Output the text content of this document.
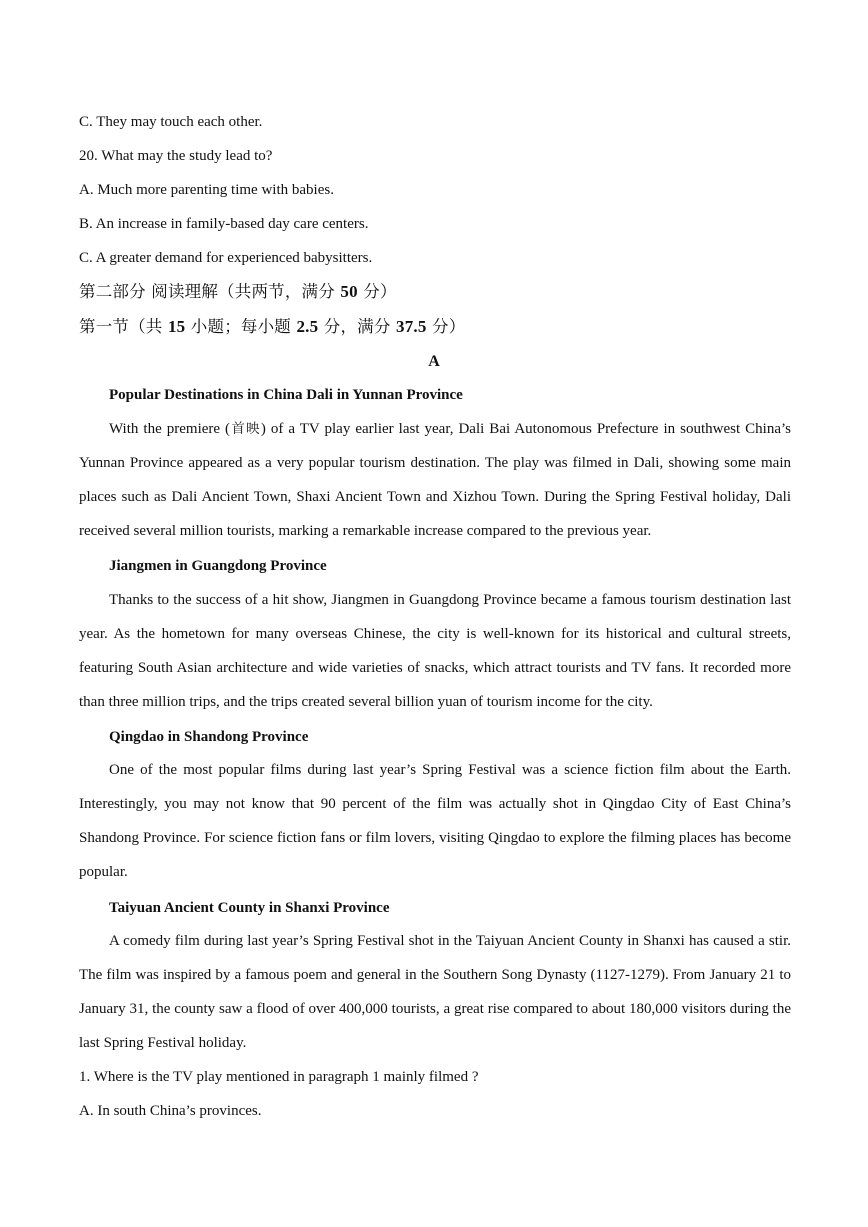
C. They may touch each other.
20. What may the study lead to?
A. Much more parenting time with babies.
B. An increase in family-based day care centers.
C. A greater demand for experienced babysitters.
第二部分 阅读理解（共两节，满分 50 分）
第一节（共 15 小题；每小题 2.5 分，满分 37.5 分）
A
Popular Destinations in China Dali in Yunnan Province
With the premiere (首映) of a TV play earlier last year, Dali Bai Autonomous Prefecture in southwest China’s Yunnan Province appeared as a very popular tourism destination. The play was filmed in Dali, showing some main places such as Dali Ancient Town, Shaxi Ancient Town and Xizhou Town. During the Spring Festival holiday, Dali received several million tourists, marking a remarkable increase compared to the previous year.
Jiangmen in Guangdong Province
Thanks to the success of a hit show, Jiangmen in Guangdong Province became a famous tourism destination last year. As the hometown for many overseas Chinese, the city is well-known for its historical and cultural streets, featuring South Asian architecture and wide varieties of snacks, which attract tourists and TV fans. It recorded more than three million trips, and the trips created several billion yuan of tourism income for the city.
Qingdao in Shandong Province
One of the most popular films during last year’s Spring Festival was a science fiction film about the Earth. Interestingly, you may not know that 90 percent of the film was actually shot in Qingdao City of East China’s Shandong Province. For science fiction fans or film lovers, visiting Qingdao to explore the filming places has become popular.
Taiyuan Ancient County in Shanxi Province
A comedy film during last year’s Spring Festival shot in the Taiyuan Ancient County in Shanxi has caused a stir. The film was inspired by a famous poem and general in the Southern Song Dynasty (1127-1279). From January 21 to January 31, the county saw a flood of over 400,000 tourists, a great rise compared to about 180,000 visitors during the last Spring Festival holiday.
1. Where is the TV play mentioned in paragraph 1 mainly filmed ?
A. In south China’s provinces.
